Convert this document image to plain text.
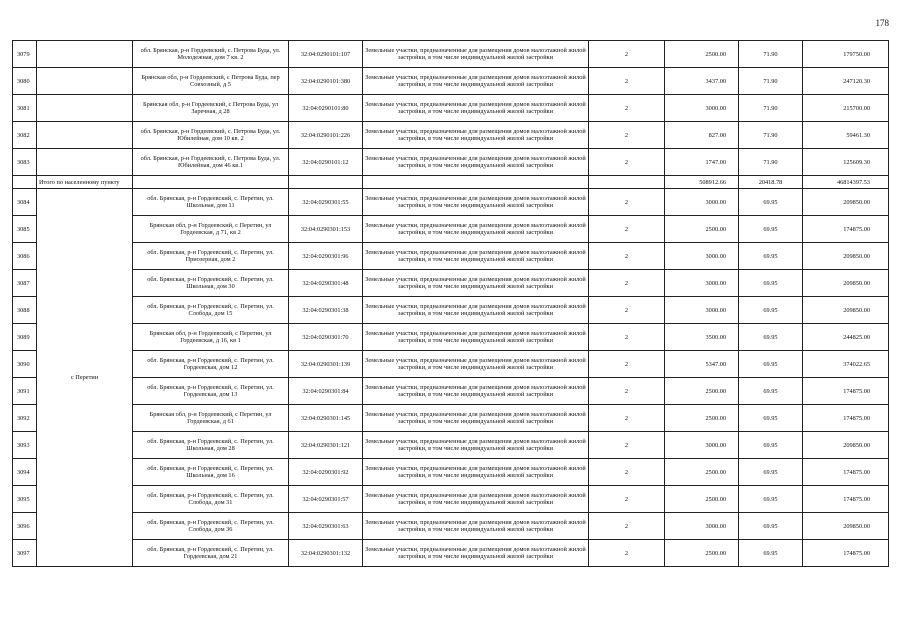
178
3079		обл. Брянская, р-н Гордеевский, с. Петрова Буда, ул. Молодежная, дом 7 кв. 2	32:04:0290101:107	Земельные участки, предназначенные для размещения домов малоэтажной жилой застройки, в том числе индивидуальной жилой застройки	2	2500.00	71.90	179750.00
3080		Брянская обл, р-н Гордеевский, с Петрова Буда, пер Совхозный, д 5	32:04:0290101:380	Земельные участки, предназначенные для размещения домов малоэтажной жилой застройки, в том числе индивидуальной жилой застройки	2	3437.00	71.90	247120.30
3081		Брянская обл, р-н Гордеевский, с Петрова Буда, ул Заречная, д 28	32:04:0290101:80	Земельные участки, предназначенные для размещения домов малоэтажной жилой застройки, в том числе индивидуальной жилой застройки	2	3000.00	71.90	215700.00
3082		обл. Брянская, р-н Гордеевский, с. Петрова Буда, ул. Юбилейная, дом 10 кв. 2	32:04:0290101:226	Земельные участки, предназначенные для размещения домов малоэтажной жилой застройки, в том числе индивидуальной жилой застройки	2	827.00	71.90	59461.30
3083		обл. Брянская, р-н Гордеевский, с. Петрова Буда, ул. Юбилейная, дом 46 кв.1	32:04:0290101:12	Земельные участки, предназначенные для размещения домов малоэтажной жилой застройки, в том числе индивидуальной жилой застройки	2	1747.00	71.90	125609.30
	Итого по населенному пункту					508912.66	20418.78	46814397.53
3084	с Перетин	обл. Брянская, р-н Гордеевский, с. Перетин, ул. Школьная, дом 11	32:04:0290301:55	Земельные участки, предназначенные для размещения домов малоэтажной жилой застройки, в том числе индивидуальной жилой застройки	2	3000.00	69.95	209850.00
3085		Брянская обл, р-н Гордеевский, с Перетин, ул Гордеевская, д 71, кв 2	32:04:0290301:153	Земельные участки, предназначенные для размещения домов малоэтажной жилой застройки, в том числе индивидуальной жилой застройки	2	2500.00	69.95	174875.00
3086		обл. Брянская, р-н Гордеевский, с. Перетин, ул. Приозерная, дом 2	32:04:0290301:96	Земельные участки, предназначенные для размещения домов малоэтажной жилой застройки, в том числе индивидуальной жилой застройки	2	3000.00	69.95	209850.00
3087		обл. Брянская, р-н Гордеевский, с. Перетин, ул. Школьная, дом 30	32:04:0290301:48	Земельные участки, предназначенные для размещения домов малоэтажной жилой застройки, в том числе индивидуальной жилой застройки	2	3000.00	69.95	209850.00
3088		обл. Брянская, р-н Гордеевский, с. Перетин, ул. Слобода, дом 15	32:04:0290301:38	Земельные участки, предназначенные для размещения домов малоэтажной жилой застройки, в том числе индивидуальной жилой застройки	2	3000.00	69.95	209850.00
3089		Брянская обл, р-н Гордеевский, с Перетин, ул Гордеевская, д 16, кв 1	32:04:0290301:70	Земельные участки, предназначенные для размещения домов малоэтажной жилой застройки, в том числе индивидуальной жилой застройки	2	3500.00	69.95	244825.00
3090		обл. Брянская, р-н Гордеевский, с. Перетин, ул. Гордеевская, дом 12	32:04:0290301:139	Земельные участки, предназначенные для размещения домов малоэтажной жилой застройки, в том числе индивидуальной жилой застройки	2	5347.00	69.95	374022.65
3091		обл. Брянская, р-н Гордеевский, с. Перетин, ул. Гордеевская, дом 13	32:04:0290301:84	Земельные участки, предназначенные для размещения домов малоэтажной жилой застройки, в том числе индивидуальной жилой застройки	2	2500.00	69.95	174875.00
3092		Брянская обл, р-н Гордеевский, с Перетин, ул Гордеевская, д 61	32:04:0290301:145	Земельные участки, предназначенные для размещения домов малоэтажной жилой застройки, в том числе индивидуальной жилой застройки	2	2500.00	69.95	174875.00
3093		обл. Брянская, р-н Гордеевский, с. Перетин, ул. Школьная, дом 28	32:04:0290301:121	Земельные участки, предназначенные для размещения домов малоэтажной жилой застройки, в том числе индивидуальной жилой застройки	2	3000.00	69.95	209850.00
3094		обл. Брянская, р-н Гордеевский, с. Перетин, ул. Школьная, дом 16	32:04:0290301:92	Земельные участки, предназначенные для размещения домов малоэтажной жилой застройки, в том числе индивидуальной жилой застройки	2	2500.00	69.95	174875.00
3095		обл. Брянская, р-н Гордеевский, с. Перетин, ул. Слобода, дом 31	32:04:0290301:57	Земельные участки, предназначенные для размещения домов малоэтажной жилой застройки, в том числе индивидуальной жилой застройки	2	2500.00	69.95	174875.00
3096		обл. Брянская, р-н Гордеевский, с. Перетин, ул. Слобода, дом 36	32:04:0290301:63	Земельные участки, предназначенные для размещения домов малоэтажной жилой застройки, в том числе индивидуальной жилой застройки	2	3000.00	69.95	209850.00
3097		обл. Брянская, р-н Гордеевский, с. Перетин, ул. Гордеевская, дом 21	32:04:0290301:132	Земельные участки, предназначенные для размещения домов малоэтажной жилой застройки, в том числе индивидуальной жилой застройки	2	2500.00	69.95	174875.00
